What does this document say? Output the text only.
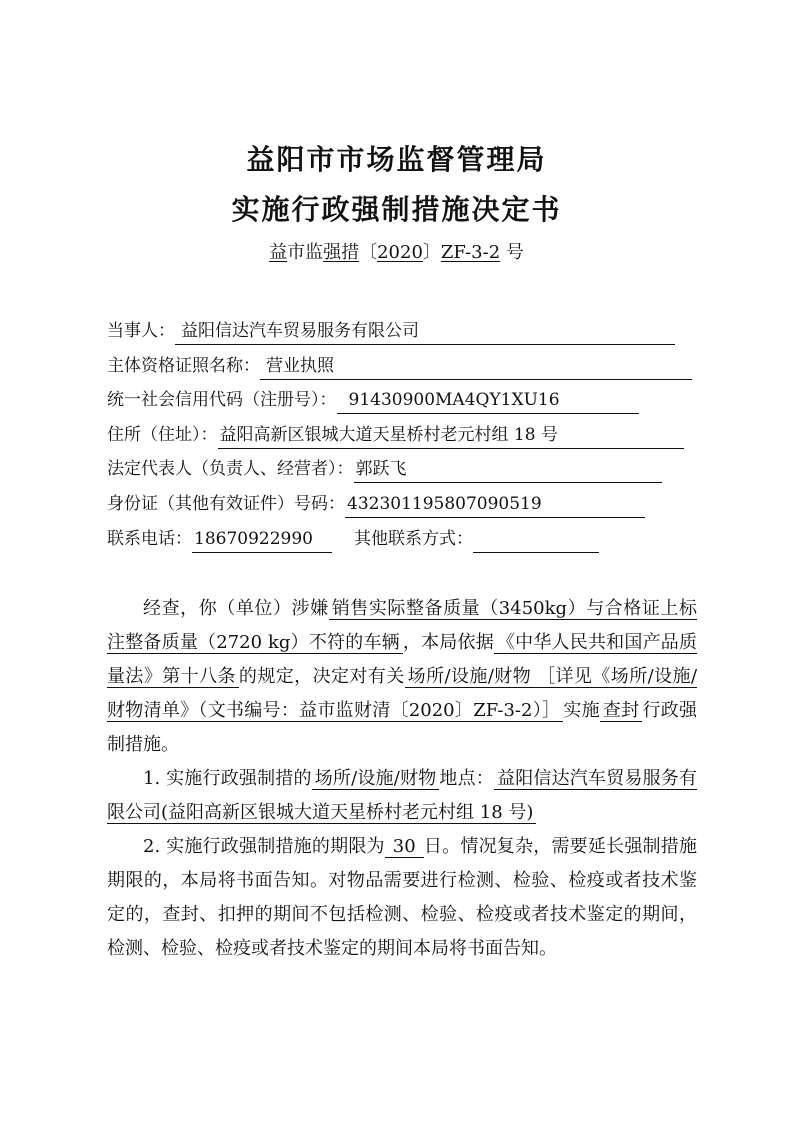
益阳市市场监督管理局
实施行政强制措施决定书
益市监强措〔2020〕ZF-3-2 号
当事人： 益阳信达汽车贸易服务有限公司
主体资格证照名称： 营业执照
统一社会信用代码（注册号）： 91430900MA4QY1XU16
住所（住址）： 益阳高新区银城大道天星桥村老元村组 18 号
法定代表人（负责人、经营者）： 郭跃飞
身份证（其他有效证件）号码： 432301195807090519
联系电话： 18670922990 其他联系方式：

经查，你（单位）涉嫌 销售实际整备质量（3450kg）与合格证上标注整备质量（2720 kg）不符的车辆 ，本局依据 《中华人民共和国产品质量法》第十八条 的规定，决定对有关 场所/设施/财物 ［详见《场所/设施/财物清单》（文书编号：益市监财清〔2020〕ZF-3-2）］ 实施 查封 行政强制措施。

1. 实施行政强制措的 场所/设施/财物 地点： 益阳信达汽车贸易服务有限公司(益阳高新区银城大道天星桥村老元村组 18 号)

2. 实施行政强制措施的期限为 30 日。情况复杂，需要延长强制措施期限的，本局将书面告知。对物品需要进行检测、检验、检疫或者技术鉴定的，查封、扣押的期间不包括检测、检验、检疫或者技术鉴定的期间，检测、检验、检疫或者技术鉴定的期间本局将书面告知。
